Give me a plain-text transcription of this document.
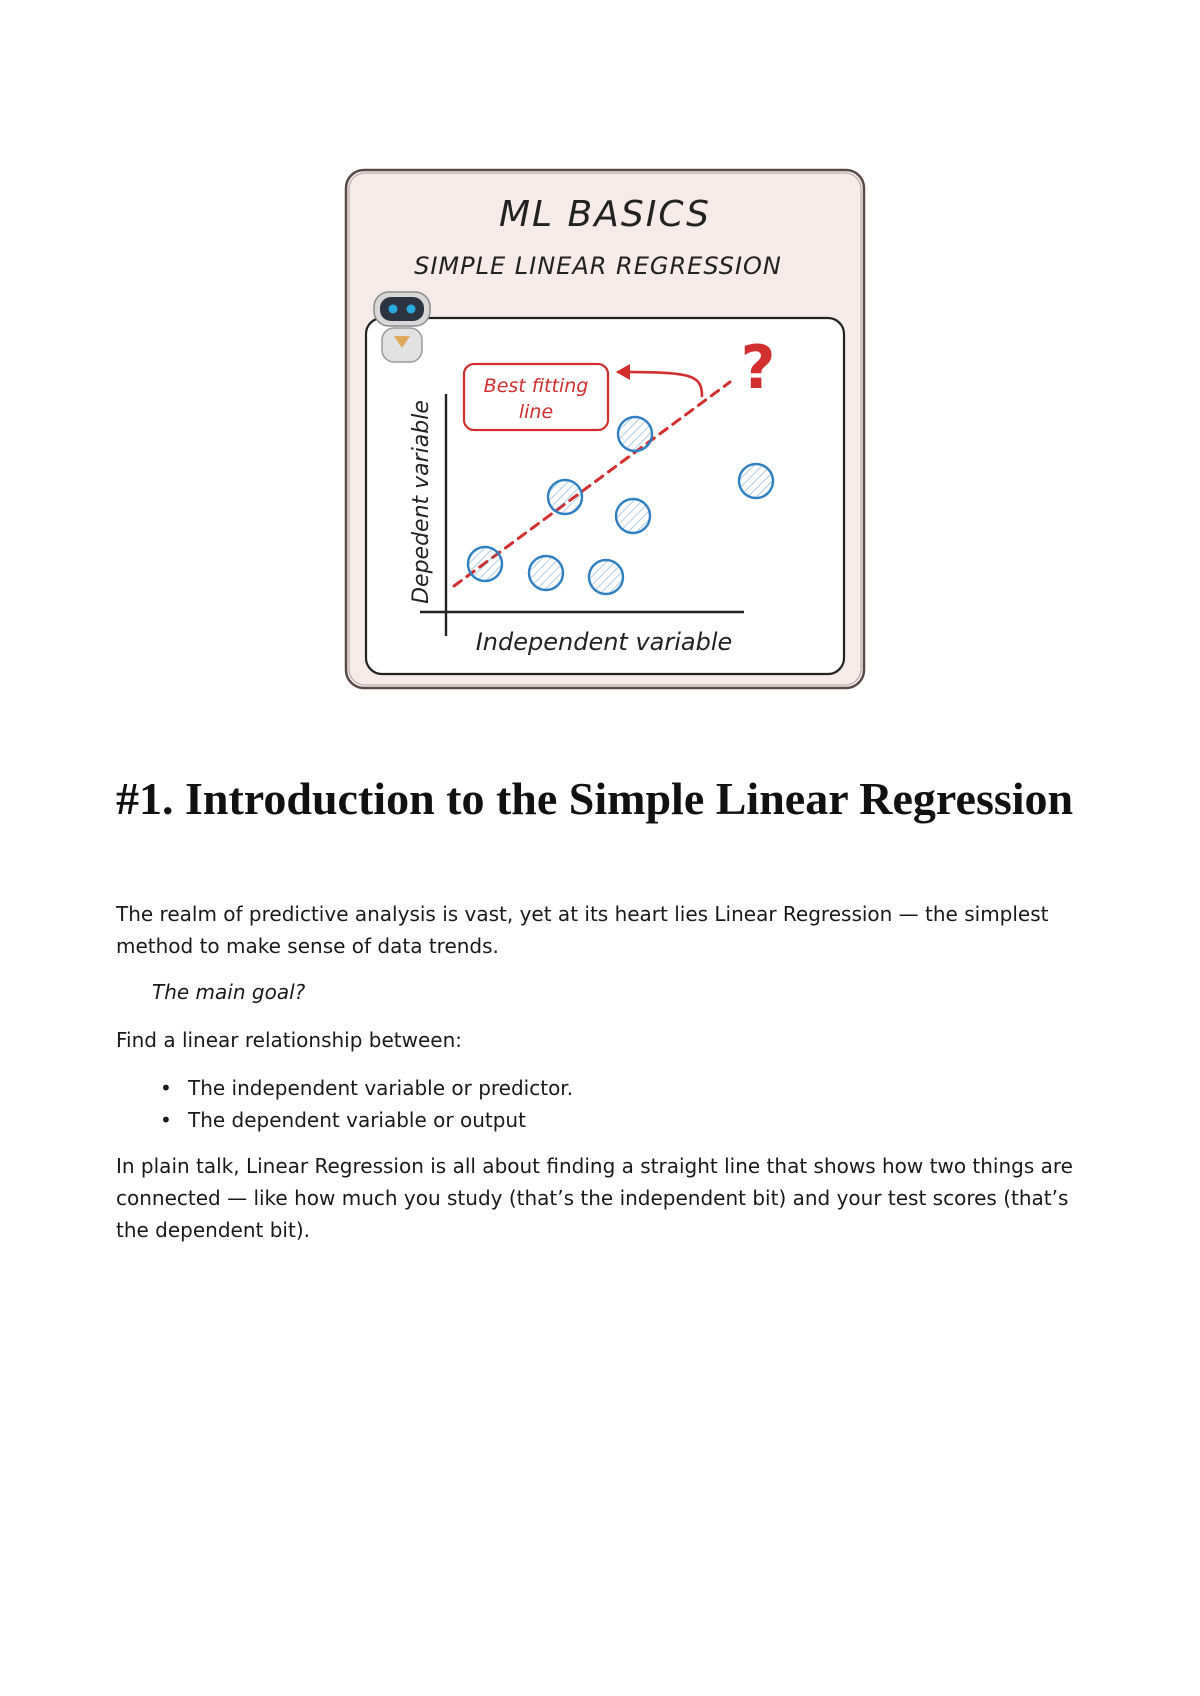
ML BASICS
SIMPLE LINEAR REGRESSION
Depedent variable
Independent variable
Best fitting
line
?
#1. Introduction to the Simple Linear Regression

The realm of predictive analysis is vast, yet at its heart lies Linear Regression — the simplest method to make sense of data trends.

The main goal?

Find a linear relationship between:

• The independent variable or predictor.
• The dependent variable or output

In plain talk, Linear Regression is all about finding a straight line that shows how two things are connected — like how much you study (that’s the independent bit) and your test scores (that’s the dependent bit).
